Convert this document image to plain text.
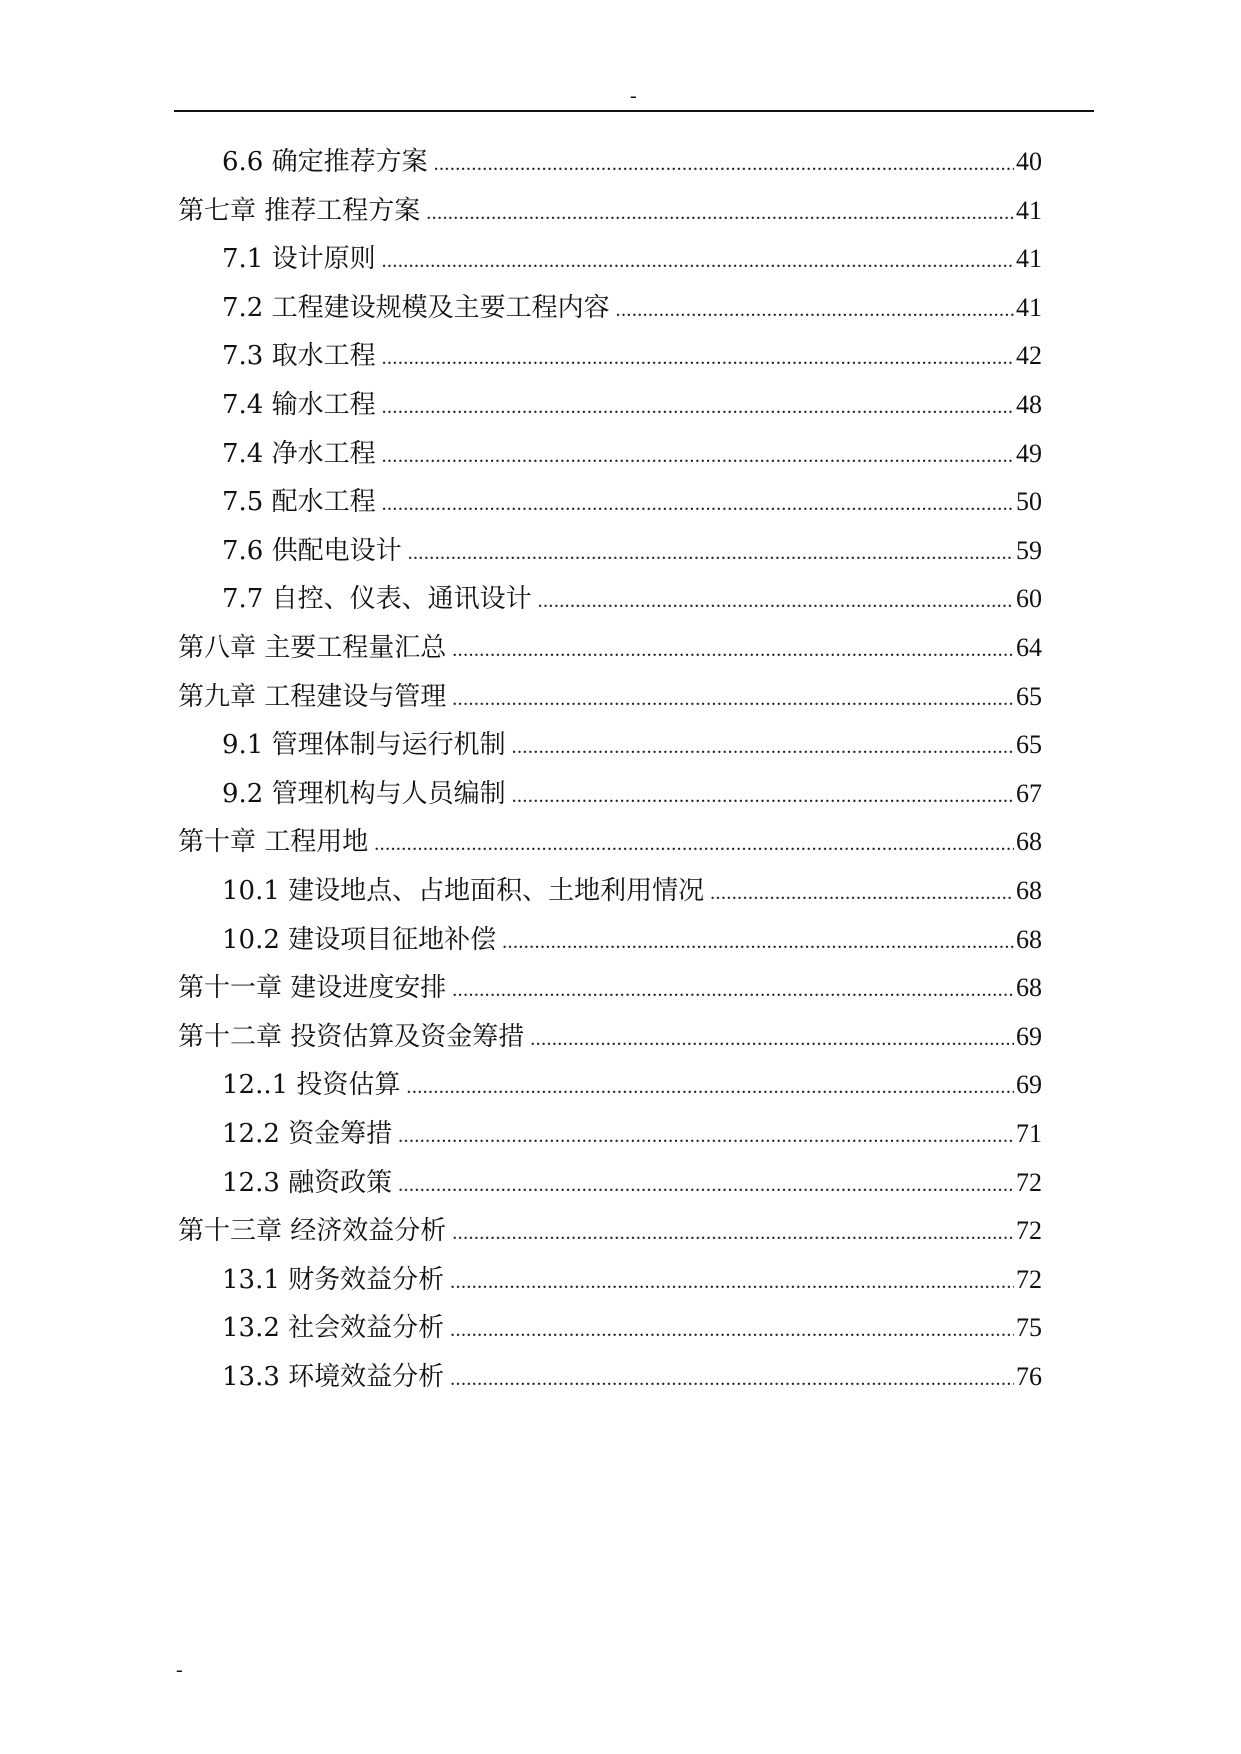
-
6.6 确定推荐方案 .....	40
第七章 推荐工程方案 .....	41
7.1 设计原则 .....	41
7.2 工程建设规模及主要工程内容 .....	41
7.3 取水工程 .....	42
7.4 输水工程 .....	48
7.4 净水工程 .....	49
7.5 配水工程 .....	50
7.6 供配电设计 .....	59
7.7 自控、仪表、通讯设计 .....	60
第八章 主要工程量汇总 .....	64
第九章 工程建设与管理 .....	65
9.1 管理体制与运行机制 .....	65
9.2 管理机构与人员编制 .....	67
第十章 工程用地 .....	68
10.1 建设地点、占地面积、土地利用情况 .....	68
10.2 建设项目征地补偿 .....	68
第十一章 建设进度安排 .....	68
第十二章 投资估算及资金筹措 .....	69
12..1 投资估算 .....	69
12.2 资金筹措 .....	71
12.3 融资政策 .....	72
第十三章 经济效益分析 .....	72
13.1 财务效益分析 .....	72
13.2 社会效益分析 .....	75
13.3 环境效益分析 .....	76
-
